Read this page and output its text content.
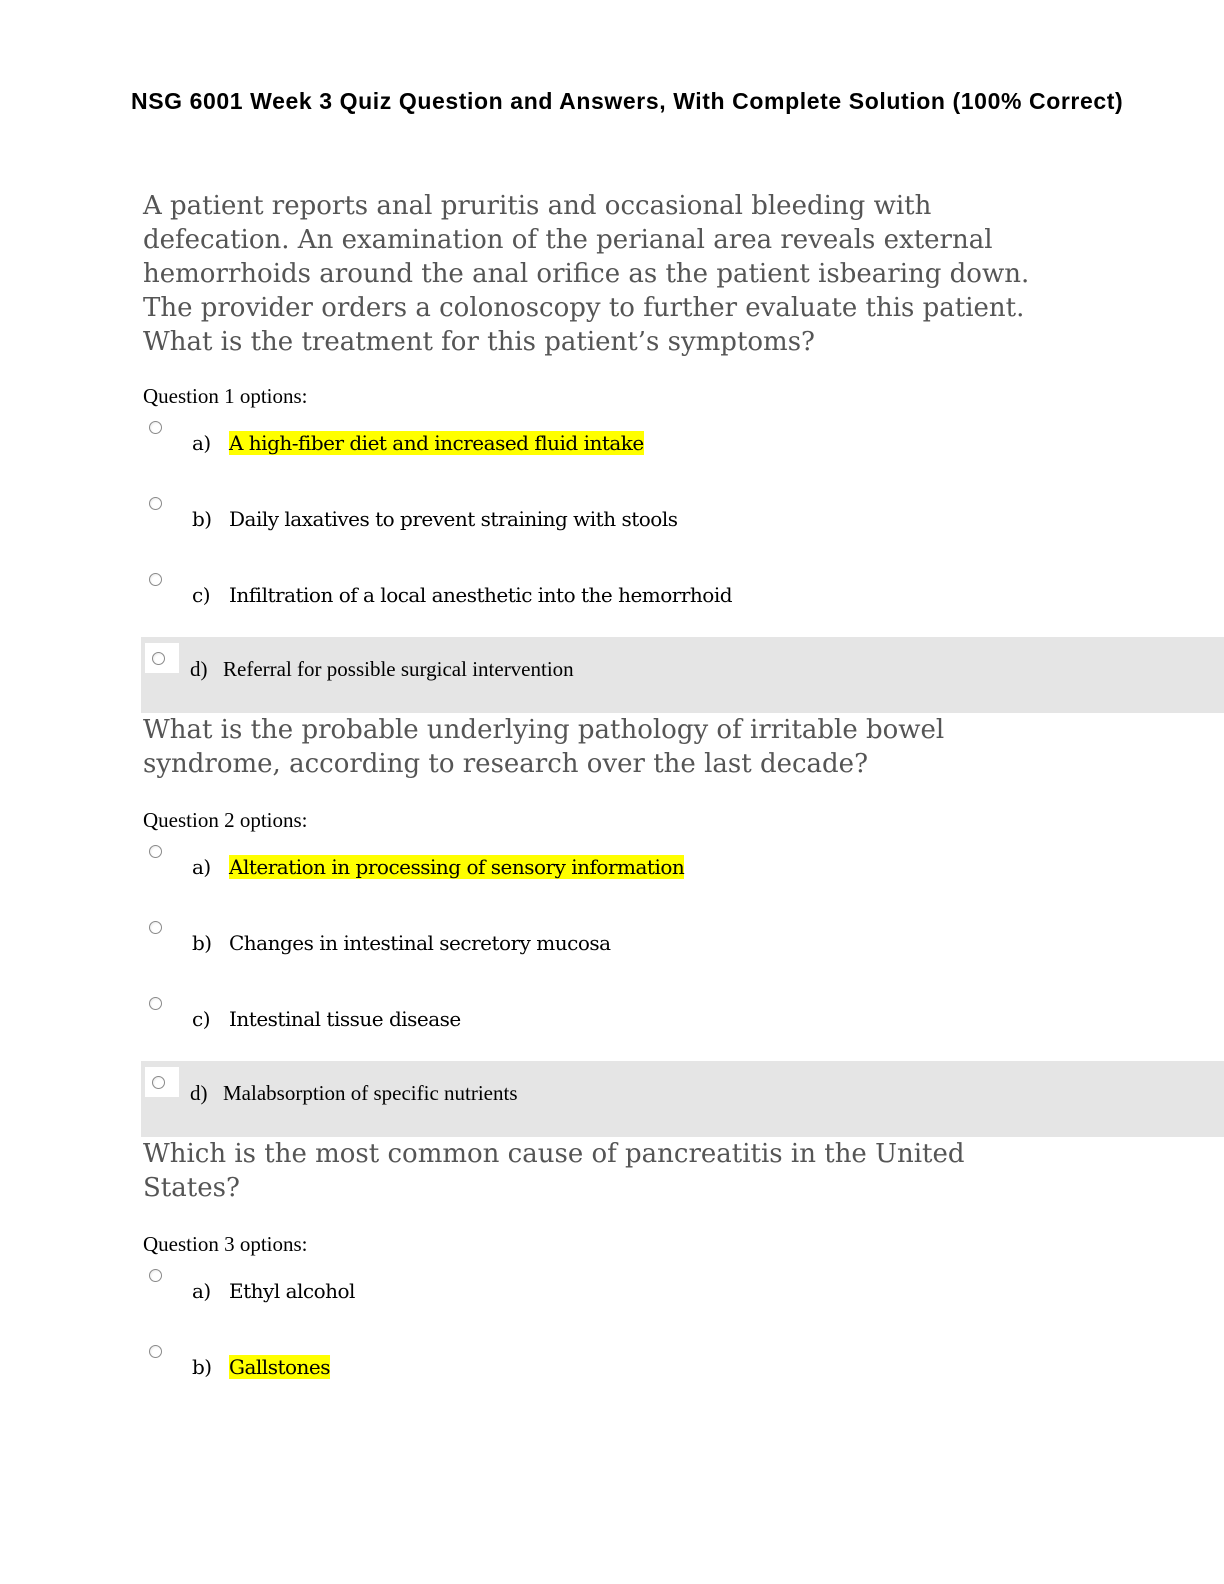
NSG 6001 Week 3 Quiz Question and Answers, With Complete Solution (100% Correct)

A patient reports anal pruritis and occasional bleeding with defecation. An examination of the perianal area reveals external hemorrhoids around the anal orifice as the patient isbearing down. The provider orders a colonoscopy to further evaluate this patient. What is the treatment for this patient’s symptoms?

Question 1 options:

a) A high-fiber diet and increased fluid intake
b) Daily laxatives to prevent straining with stools
c) Infiltration of a local anesthetic into the hemorrhoid
d) Referral for possible surgical intervention

What is the probable underlying pathology of irritable bowel syndrome, according to research over the last decade?

Question 2 options:

a) Alteration in processing of sensory information
b) Changes in intestinal secretory mucosa
c) Intestinal tissue disease
d) Malabsorption of specific nutrients

Which is the most common cause of pancreatitis in the United States?

Question 3 options:

a) Ethyl alcohol
b) Gallstones
